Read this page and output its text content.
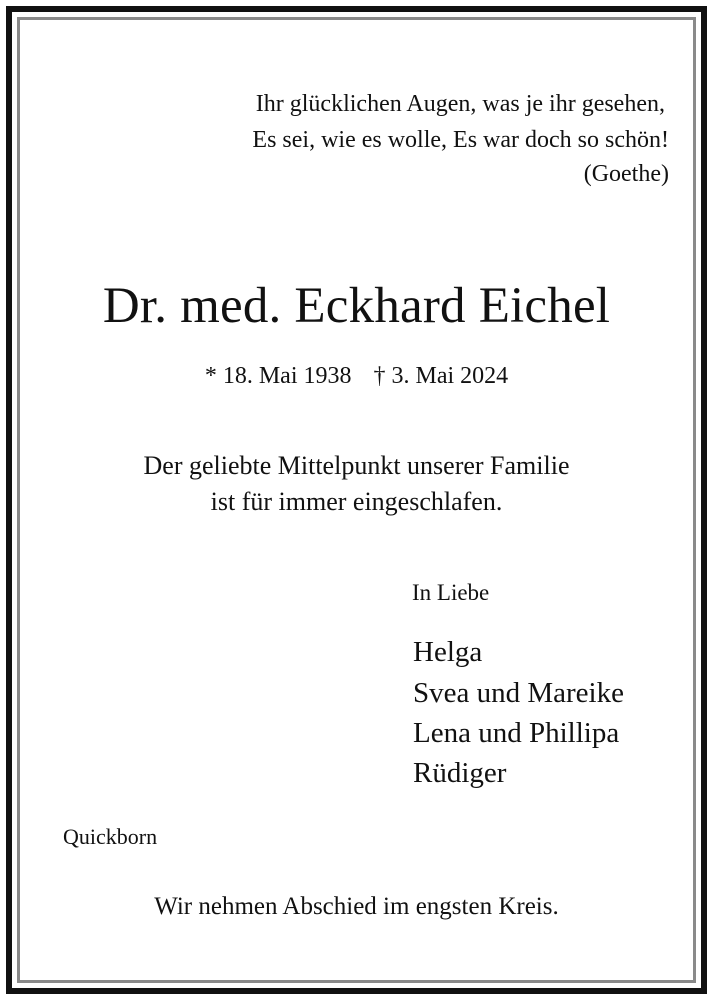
Ihr glücklichen Augen, was je ihr gesehen,
Es sei, wie es wolle, Es war doch so schön!
(Goethe)
Dr. med. Eckhard Eichel
* 18. Mai 1938 † 3. Mai 2024
Der geliebte Mittelpunkt unserer Familie
ist für immer eingeschlafen.
In Liebe
Helga
Svea und Mareike
Lena und Phillipa
Rüdiger
Quickborn
Wir nehmen Abschied im engsten Kreis.
